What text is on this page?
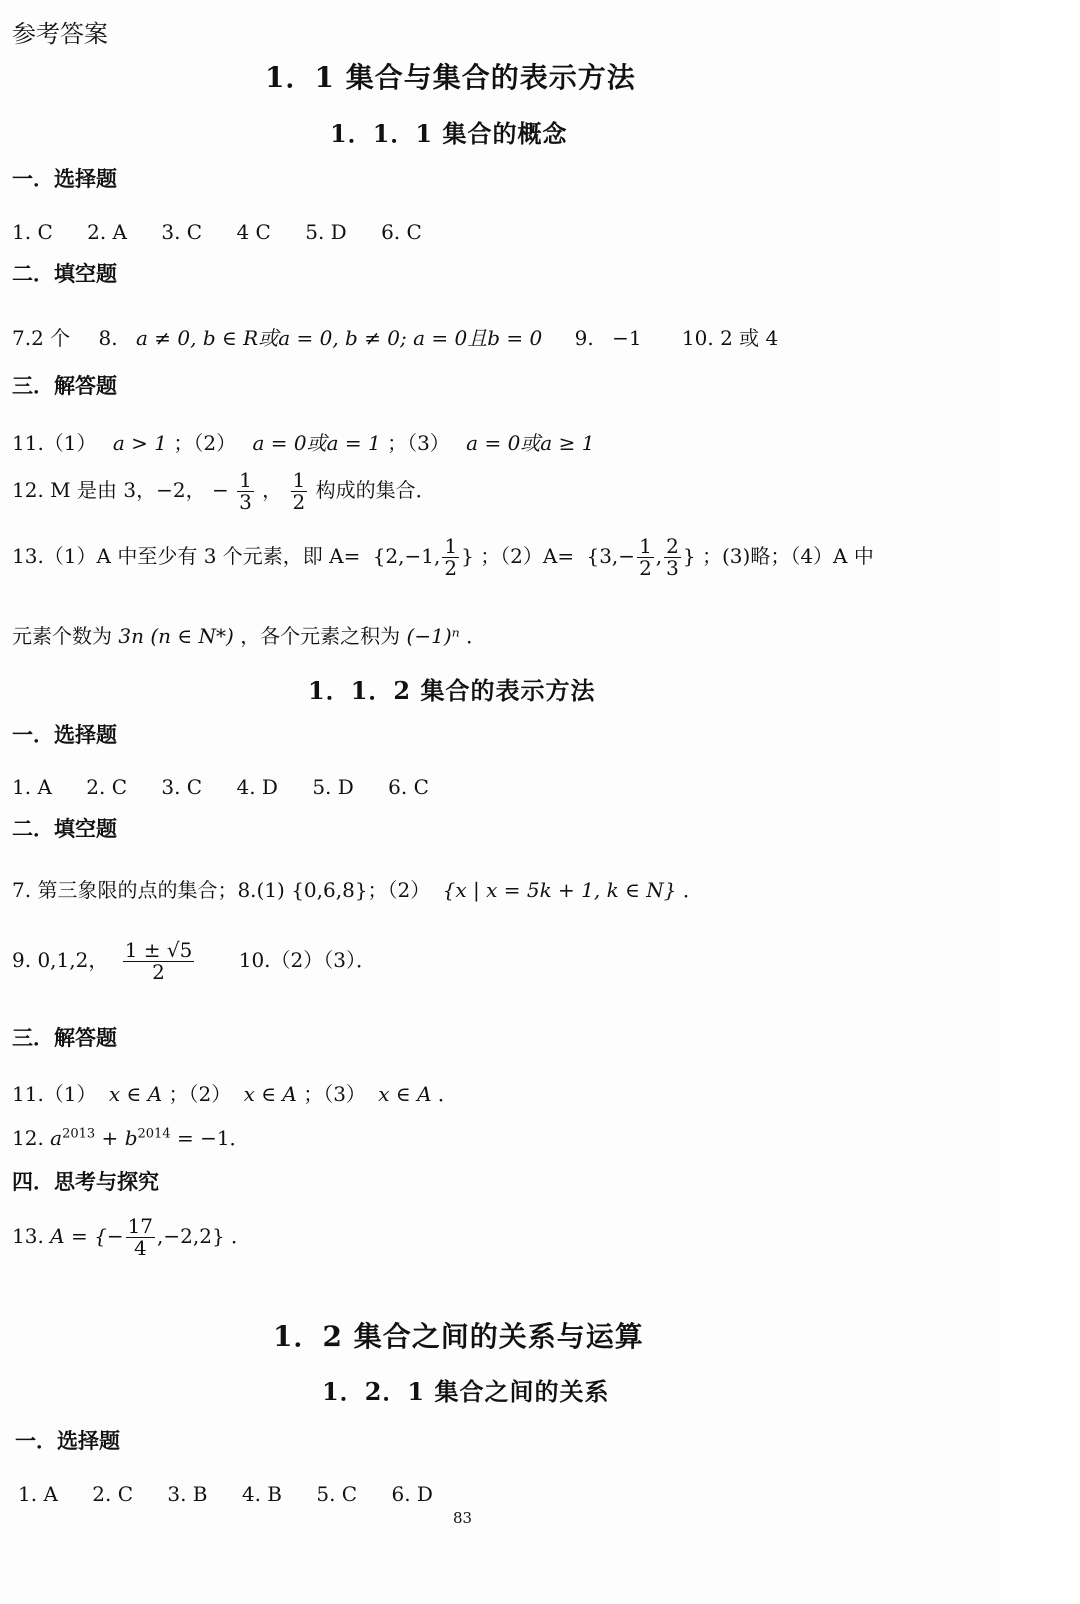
参考答案
1．1 集合与集合的表示方法
1．1．1 集合的概念
一．选择题
1. C 2. A 3. C 4 C 5. D 6. C
二．填空题
7.2 个 8. a ≠ 0, b ∈ R或a = 0, b ≠ 0; a = 0且b = 0 9. −1 10. 2 或 4
三．解答题
11.（1） a > 1 ；（2） a = 0或a = 1 ；（3） a = 0或a ≥ 1
12. M 是由 3，−2， − $\frac{1}{3}$ ， $\frac{1}{2}$ 构成的集合．
13.（1）A 中至少有 3 个元素，即 A= {2,−1, $\frac{1}{2}$ } ；$(2)A= \{3,- \frac{1}{2}$ , $\frac{2}{3}$ } ；(3)略；（4）A 中
元素个数为 3n (n ∈ N*) ，各个元素之积为 (−1)ⁿ ．
1．1．2 集合的表示方法
一．选择题
1. A 2. C 3. C 4. D 5. D 6. C
二．填空题
7. 第三象限的点的集合；8.(1) {0,6,8}；（2） {x | x = 5k + 1, k ∈ N} ．
9. 0,1,2， $\frac{1 \pm √5}{2} 10.(2)(3)$．
三．解答题
11.（1） x ∈ A ；（2） x ∈ A ；（3） x ∈ A ．
12. $a^{2013} + b^{2014} = -1$．
四．思考与探究
13. A = {− $\frac{17}{4} ,-2,2$} ．
1．2 集合之间的关系与运算
1．2．1 集合之间的关系
一．选择题
1. A 2. C 3. B 4. B 5. C 6. D
83
